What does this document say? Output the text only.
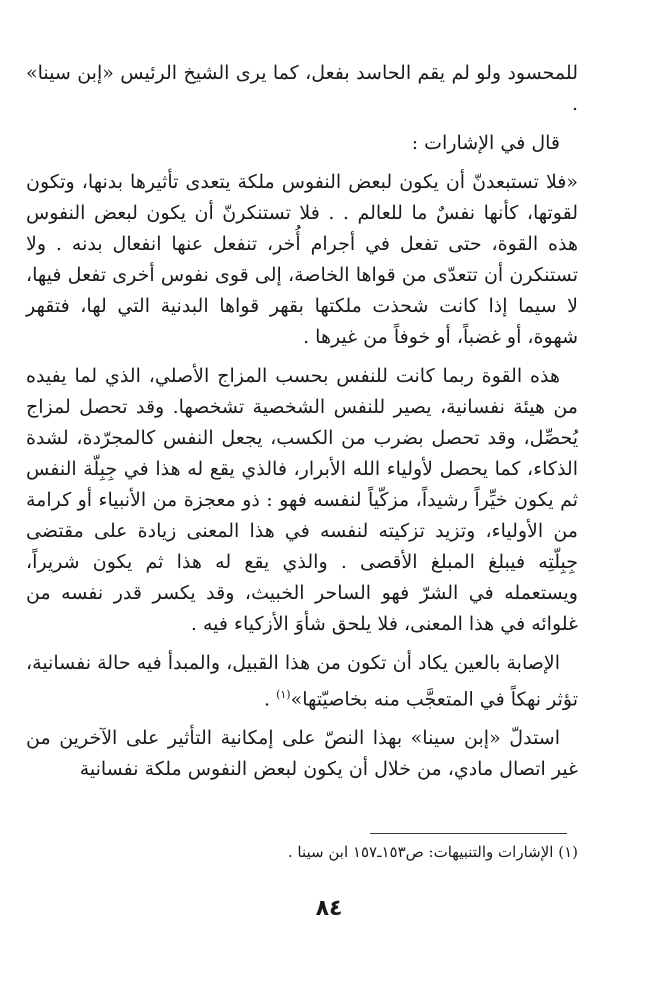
للمحسود ولو لم يقم الحاسد بفعل، كما يرى الشيخ الرئيس «إبن سينا» .

قال في الإشارات :

«فلا تستبعدنّ أن يكون لبعض النفوس ملكة يتعدى تأثيرها بدنها، وتكون لقوتها، كأنها نفسٌ ما للعالم . . فلا تستنكرنّ أن يكون لبعض النفوس هذه القوة، حتى تفعل في أجرام أُخر، تنفعل عنها انفعال بدنه . ولا تستنكرن أن تتعدّى من قواها الخاصة، إلى قوى نفوس أخرى تفعل فيها، لا سيما إذا كانت شحذت ملكتها بقهر قواها البدنية التي لها، فتقهر شهوة، أو غضباً، أو خوفاً من غيرها .

هذه القوة ربما كانت للنفس بحسب المزاج الأصلي، الذي لما يفيده من هيئة نفسانية، يصير للنفس الشخصية تشخصها. وقد تحصل لمزاج يُحصِّل، وقد تحصل بضرب من الكسب، يجعل النفس كالمجرّدة، لشدة الذكاء، كما يحصل لأولياء الله الأبرار، فالذي يقع له هذا في جِبِلّة النفس ثم يكون خيِّراً رشيداً، مزكّياً لنفسه فهو : ذو معجزة من الأنبياء أو كرامة من الأولياء، وتزيد تزكيته لنفسه في هذا المعنى زيادة على مقتضى جِبِلّتِه فيبلغ المبلغ الأقصى . والذي يقع له هذا ثم يكون شريراً، ويستعمله في الشرّ فهو الساحر الخبيث، وقد يكسر قدر نفسه من غلوائه في هذا المعنى، فلا يلحق شأوَ الأزكياء فيه .

الإصابة بالعين يكاد أن تكون من هذا القبيل، والمبدأ فيه حالة نفسانية، تؤثر نهكاً في المتعجَّب منه بخاصيّتها»$^{(١)}$ .

استدلّ «إبن سينا» بهذا النصّ على إمكانية التأثير على الآخرين من غير اتصال مادي، من خلال أن يكون لبعض النفوس ملكة نفسانية

(١) الإشارات والتنبيهات: ص١٥٣ـ١٥٧ ابن سينا .
٨٤
